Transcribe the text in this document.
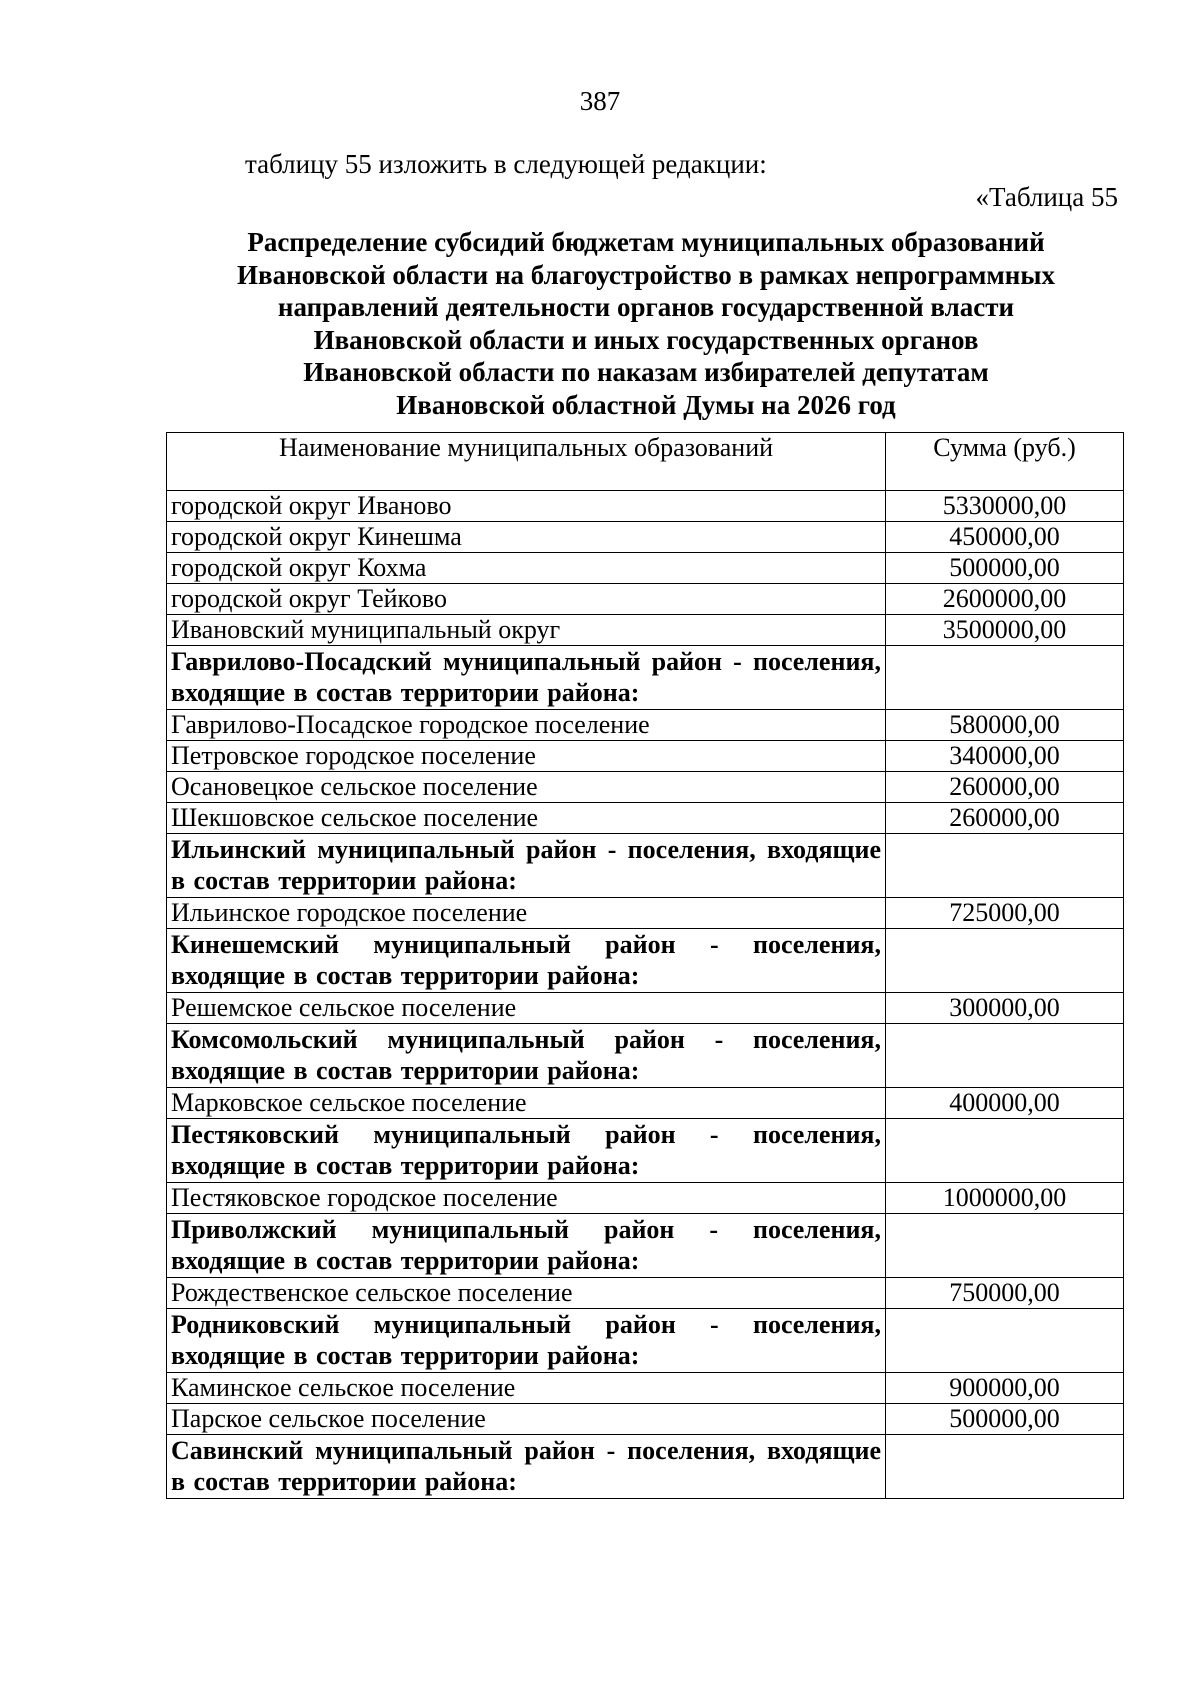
387
таблицу 55 изложить в следующей редакции:
«Таблица 55
Распределение субсидий бюджетам муниципальных образований
Ивановской области на благоустройство в рамках непрограммных
направлений деятельности органов государственной власти
Ивановской области и иных государственных органов
Ивановской области по наказам избирателей депутатам
Ивановской областной Думы на 2026 год
Наименование муниципальных образований	Сумма (руб.)
городской округ Иваново	5330000,00
городской округ Кинешма	450000,00
городской округ Кохма	500000,00
городской округ Тейково	2600000,00
Ивановский муниципальный округ	3500000,00
Гаврилово-Посадский муниципальный район - поселения, входящие в состав территории района:	
Гаврилово-Посадское городское поселение	580000,00
Петровское городское поселение	340000,00
Осановецкое сельское поселение	260000,00
Шекшовское сельское поселение	260000,00
Ильинский муниципальный район - поселения, входящие в состав территории района:	
Ильинское городское поселение	725000,00
Кинешемский муниципальный район - поселения, входящие в состав территории района:	
Решемское сельское поселение	300000,00
Комсомольский муниципальный район - поселения, входящие в состав территории района:	
Марковское сельское поселение	400000,00
Пестяковский муниципальный район - поселения, входящие в состав территории района:	
Пестяковское городское поселение	1000000,00
Приволжский муниципальный район - поселения, входящие в состав территории района:	
Рождественское сельское поселение	750000,00
Родниковский муниципальный район - поселения, входящие в состав территории района:	
Каминское сельское поселение	900000,00
Парское сельское поселение	500000,00
Савинский муниципальный район - поселения, входящие в состав территории района:	
